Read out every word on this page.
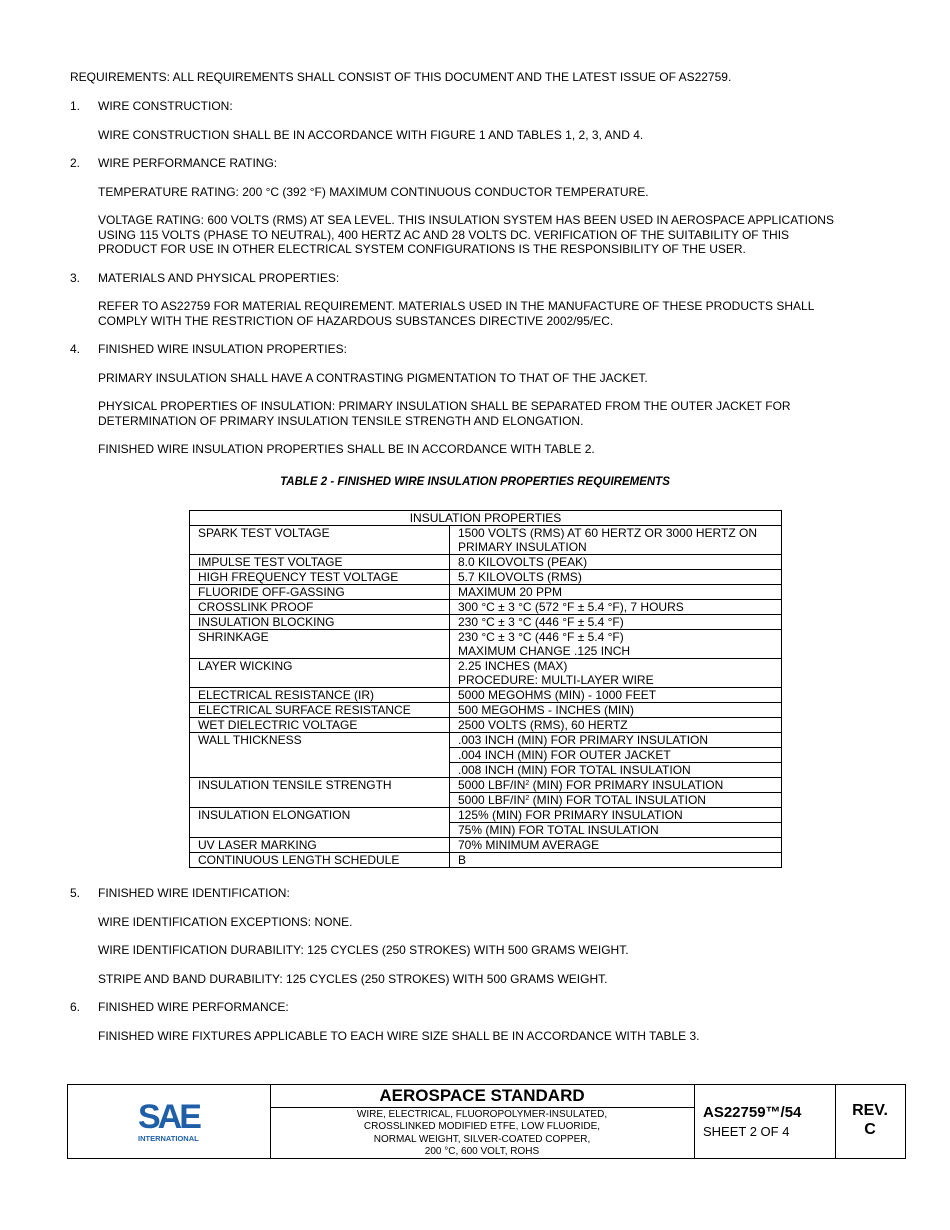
REQUIREMENTS: ALL REQUIREMENTS SHALL CONSIST OF THIS DOCUMENT AND THE LATEST ISSUE OF AS22759.

1. WIRE CONSTRUCTION:

WIRE CONSTRUCTION SHALL BE IN ACCORDANCE WITH FIGURE 1 AND TABLES 1, 2, 3, AND 4.

2. WIRE PERFORMANCE RATING:

TEMPERATURE RATING: 200 °C (392 °F) MAXIMUM CONTINUOUS CONDUCTOR TEMPERATURE.

VOLTAGE RATING: 600 VOLTS (RMS) AT SEA LEVEL. THIS INSULATION SYSTEM HAS BEEN USED IN AEROSPACE APPLICATIONS

USING 115 VOLTS (PHASE TO NEUTRAL), 400 HERTZ AC AND 28 VOLTS DC. VERIFICATION OF THE SUITABILITY OF THIS

PRODUCT FOR USE IN OTHER ELECTRICAL SYSTEM CONFIGURATIONS IS THE RESPONSIBILITY OF THE USER.

3. MATERIALS AND PHYSICAL PROPERTIES:

REFER TO AS22759 FOR MATERIAL REQUIREMENT. MATERIALS USED IN THE MANUFACTURE OF THESE PRODUCTS SHALL

COMPLY WITH THE RESTRICTION OF HAZARDOUS SUBSTANCES DIRECTIVE 2002/95/EC.

4. FINISHED WIRE INSULATION PROPERTIES:

PRIMARY INSULATION SHALL HAVE A CONTRASTING PIGMENTATION TO THAT OF THE JACKET.

PHYSICAL PROPERTIES OF INSULATION: PRIMARY INSULATION SHALL BE SEPARATED FROM THE OUTER JACKET FOR

DETERMINATION OF PRIMARY INSULATION TENSILE STRENGTH AND ELONGATION.

FINISHED WIRE INSULATION PROPERTIES SHALL BE IN ACCORDANCE WITH TABLE 2.

TABLE 2 - FINISHED WIRE INSULATION PROPERTIES REQUIREMENTS
INSULATION PROPERTIES	
SPARK TEST VOLTAGE	1500 VOLTS (RMS) AT 60 HERTZ OR 3000 HERTZ ON
PRIMARY INSULATION
IMPULSE TEST VOLTAGE	8.0 KILOVOLTS (PEAK)
HIGH FREQUENCY TEST VOLTAGE	5.7 KILOVOLTS (RMS)
FLUORIDE OFF-GASSING	MAXIMUM 20 PPM
CROSSLINK PROOF	300 °C ± 3 °C (572 °F ± 5.4 °F), 7 HOURS
INSULATION BLOCKING	230 °C ± 3 °C (446 °F ± 5.4 °F)
SHRINKAGE	230 °C ± 3 °C (446 °F ± 5.4 °F)
	MAXIMUM CHANGE .125 INCH
LAYER WICKING	2.25 INCHES (MAX)
	PROCEDURE: MULTI-LAYER WIRE
ELECTRICAL RESISTANCE (IR)	5000 MEGOHMS (MIN) - 1000 FEET
ELECTRICAL SURFACE RESISTANCE	500 MEGOHMS - INCHES (MIN)
WET DIELECTRIC VOLTAGE	2500 VOLTS (RMS), 60 HERTZ
WALL THICKNESS	.003 INCH (MIN) FOR PRIMARY INSULATION
	.004 INCH (MIN) FOR OUTER JACKET
	.008 INCH (MIN) FOR TOTAL INSULATION
INSULATION TENSILE STRENGTH	5000 LBF/$IN^2$ (MIN) FOR PRIMARY INSULATION
	5000 LBF/$IN^2$ (MIN) FOR TOTAL INSULATION
INSULATION ELONGATION	125% (MIN) FOR PRIMARY INSULATION
	75% (MIN) FOR TOTAL INSULATION
UV LASER MARKING	70% MINIMUM AVERAGE
CONTINUOUS LENGTH SCHEDULE	B
5. FINISHED WIRE IDENTIFICATION:

WIRE IDENTIFICATION EXCEPTIONS: NONE.

WIRE IDENTIFICATION DURABILITY: 125 CYCLES (250 STROKES) WITH 500 GRAMS WEIGHT.

STRIPE AND BAND DURABILITY: 125 CYCLES (250 STROKES) WITH 500 GRAMS WEIGHT.

6. FINISHED WIRE PERFORMANCE:

FINISHED WIRE FIXTURES APPLICABLE TO EACH WIRE SIZE SHALL BE IN ACCORDANCE WITH TABLE 3.

SAE
INTERNATIONAL
AEROSPACE STANDARD
WIRE, ELECTRICAL, FLUOROPOLYMER-INSULATED,
CROSSLINKED MODIFIED ETFE, LOW FLUORIDE,
NORMAL WEIGHT, SILVER-COATED COPPER,
200 °C, 600 VOLT, ROHS
AS22759™/54
SHEET 2 OF 4
REV.
C
